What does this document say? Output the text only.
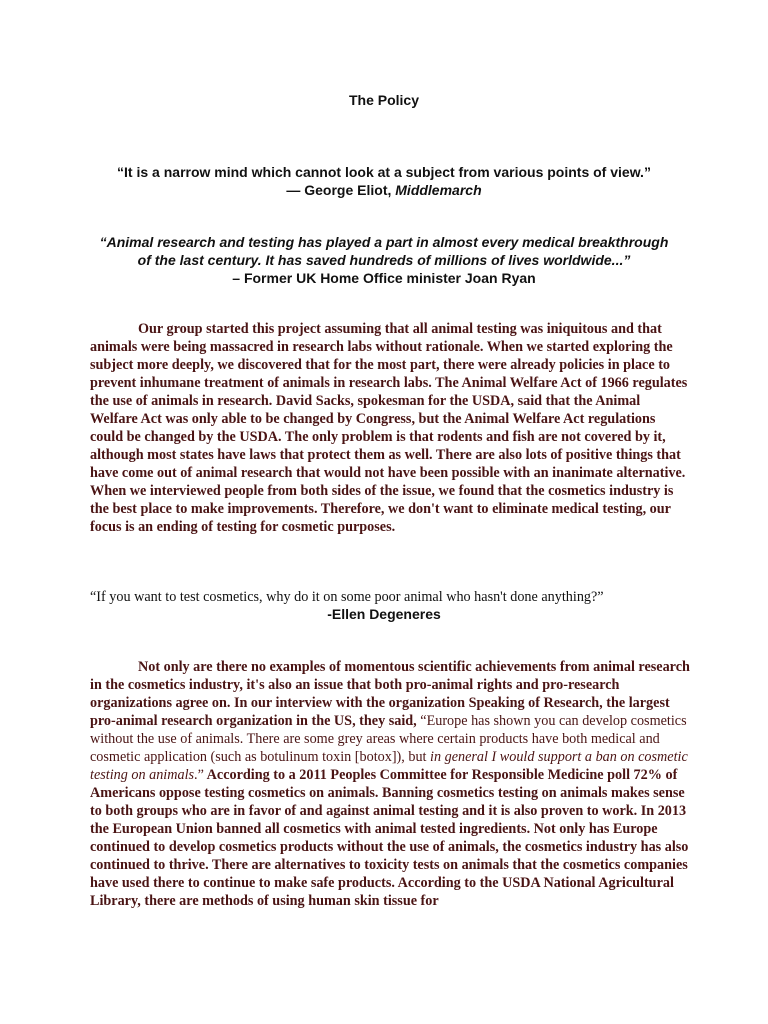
The Policy
“It is a narrow mind which cannot look at a subject from various points of view.”
— George Eliot, Middlemarch
“Animal research and testing has played a part in almost every medical breakthrough of the last century. It has saved hundreds of millions of lives worldwide...”
– Former UK Home Office minister Joan Ryan

Our group started this project assuming that all animal testing was iniquitous and that animals were being massacred in research labs without rationale. When we started exploring the subject more deeply, we discovered that for the most part, there were already policies in place to prevent inhumane treatment of animals in research labs. The Animal Welfare Act of 1966 regulates the use of animals in research. David Sacks, spokesman for the USDA, said that the Animal Welfare Act was only able to be changed by Congress, but the Animal Welfare Act regulations could be changed by the USDA. The only problem is that rodents and fish are not covered by it, although most states have laws that protect them as well. There are also lots of positive things that have come out of animal research that would not have been possible with an inanimate alternative. When we interviewed people from both sides of the issue, we found that the cosmetics industry is the best place to make improvements. Therefore, we don't want to eliminate medical testing, our focus is an ending of testing for cosmetic purposes.

“If you want to test cosmetics, why do it on some poor animal who hasn't done anything?”
-Ellen Degeneres

Not only are there no examples of momentous scientific achievements from animal research in the cosmetics industry, it's also an issue that both pro-animal rights and pro-research organizations agree on. In our interview with the organization Speaking of Research, the largest pro-animal research organization in the US, they said, “Europe has shown you can develop cosmetics without the use of animals. There are some grey areas where certain products have both medical and cosmetic application (such as botulinum toxin [botox]), but in general I would support a ban on cosmetic testing on animals.” According to a 2011 Peoples Committee for Responsible Medicine poll 72% of Americans oppose testing cosmetics on animals. Banning cosmetics testing on animals makes sense to both groups who are in favor of and against animal testing and it is also proven to work. In 2013 the European Union banned all cosmetics with animal tested ingredients. Not only has Europe continued to develop cosmetics products without the use of animals, the cosmetics industry has also continued to thrive. There are alternatives to toxicity tests on animals that the cosmetics companies have used there to continue to make safe products. According to the USDA National Agricultural Library, there are methods of using human skin tissue for
